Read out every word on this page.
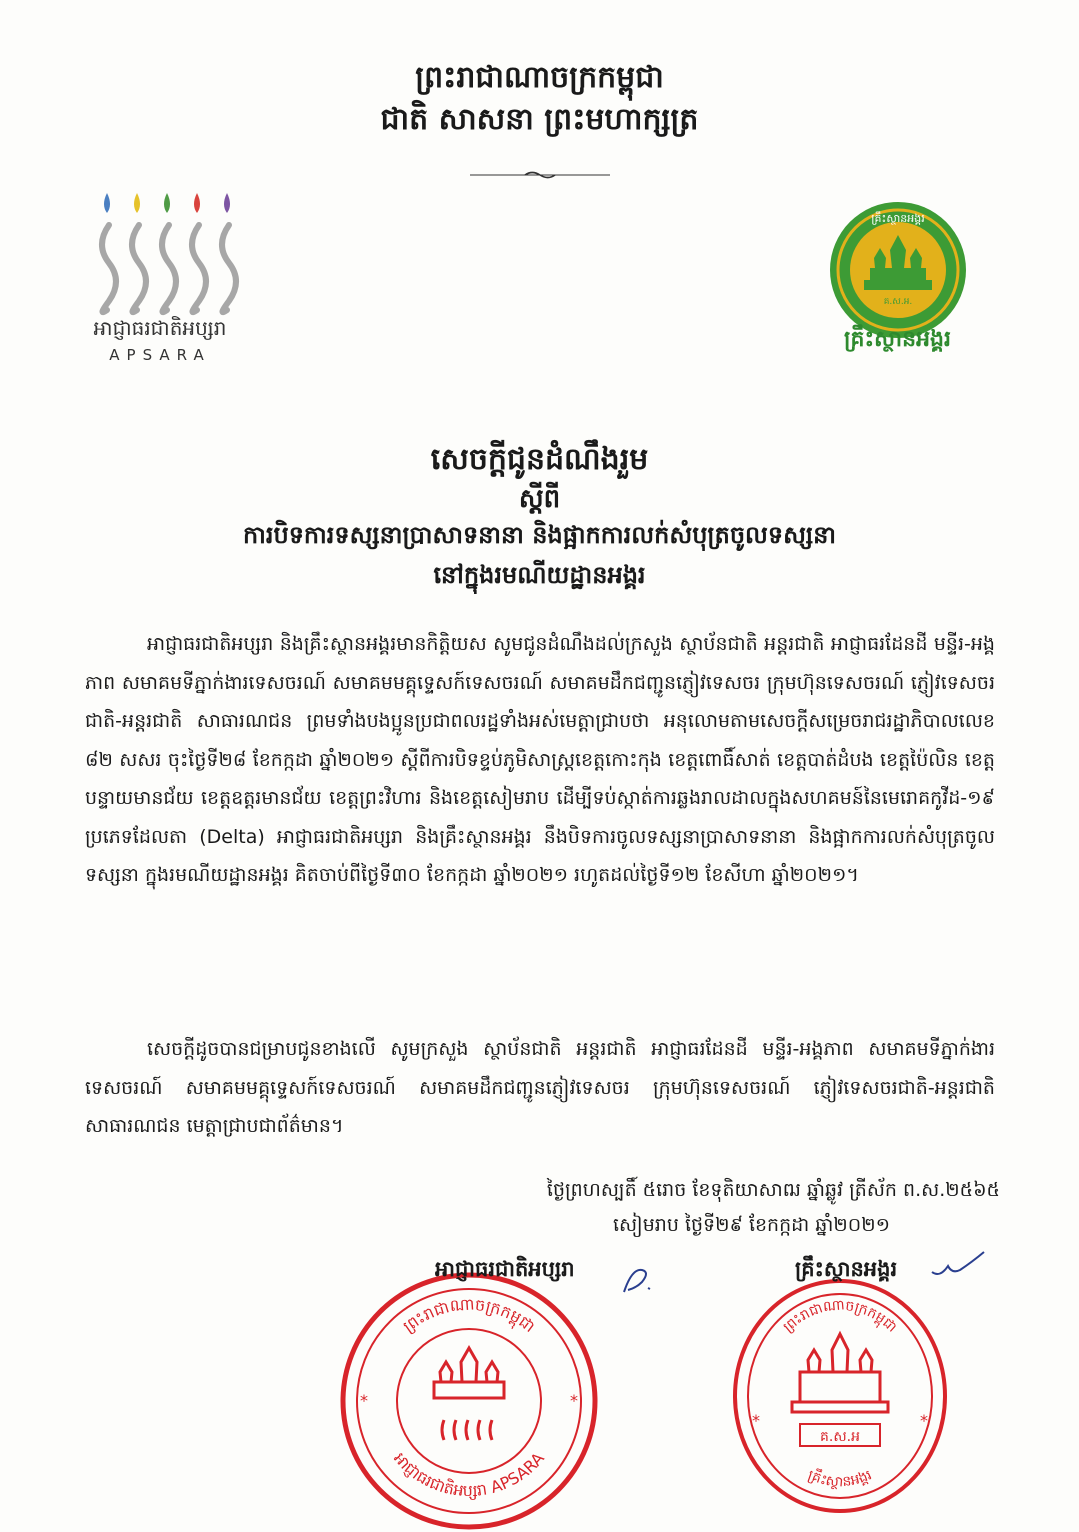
ព្រះរាជាណាចក្រកម្ពុជា
ជាតិ សាសនា ព្រះមហាក្សត្រ
អាជ្ញាធរជាតិអប្សរា
APSARA
គ្រឹះស្ថានអង្គរ
គ.ស.អ.
គ្រឹះស្ថានអង្គរ
សេចក្តីជូនដំណឹងរួម
ស្តីពី
ការបិទការទស្សនាប្រាសាទនានា និងផ្អាកការលក់សំបុត្រចូលទស្សនា
នៅក្នុងរមណីយដ្ឋានអង្គរ
អាជ្ញាធរជាតិអប្សរា និងគ្រឹះស្ថានអង្គរមានកិត្តិយស សូមជូនដំណឹងដល់ក្រសួង ស្ថាប័នជាតិ អន្តរជាតិ អាជ្ញាធរដែនដី មន្ទីរ-អង្គភាព សមាគមទីភ្នាក់ងារទេសចរណ៍ សមាគមមគ្គុទ្ទេសក៍ទេសចរណ៍ សមាគមដឹកជញ្ជូនភ្ញៀវទេសចរ ក្រុមហ៊ុនទេសចរណ៍ ភ្ញៀវទេសចរជាតិ-អន្តរជាតិ សាធារណជន ព្រមទាំងបងប្អូនប្រជាពលរដ្ឋទាំងអស់មេត្តាជ្រាបថា អនុលោមតាមសេចក្តីសម្រេចរាជរដ្ឋាភិបាលលេខ ៨២ សសរ ចុះថ្ងៃទី២៨ ខែកក្កដា ឆ្នាំ២០២១ ស្តីពីការបិទខ្ទប់ភូមិសាស្ត្រខេត្តកោះកុង ខេត្តពោធិ៍សាត់ ខេត្តបាត់ដំបង ខេត្តប៉ៃលិន ខេត្តបន្ទាយមានជ័យ ខេត្តឧត្តរមានជ័យ ខេត្តព្រះវិហារ និងខេត្តសៀមរាប ដើម្បីទប់ស្កាត់ការឆ្លងរាលដាលក្នុងសហគមន៍នៃមេរោគកូវីដ-១៩ ប្រភេទដែលតា (Delta) អាជ្ញាធរជាតិអប្សរា និងគ្រឹះស្ថានអង្គរ នឹងបិទការចូលទស្សនាប្រាសាទនានា និងផ្អាកការលក់សំបុត្រចូលទស្សនា ក្នុងរមណីយដ្ឋានអង្គរ គិតចាប់ពីថ្ងៃទី៣០ ខែកក្កដា ឆ្នាំ២០២១ រហូតដល់ថ្ងៃទី១២ ខែសីហា ឆ្នាំ២០២១។
សេចក្តីដូចបានជម្រាបជូនខាងលើ សូមក្រសួង ស្ថាប័នជាតិ អន្តរជាតិ អាជ្ញាធរដែនដី មន្ទីរ-អង្គភាព សមាគមទីភ្នាក់ងារទេសចរណ៍ សមាគមមគ្គុទ្ទេសក៍ទេសចរណ៍ សមាគមដឹកជញ្ជូនភ្ញៀវទេសចរ ក្រុមហ៊ុនទេសចរណ៍ ភ្ញៀវទេសចរជាតិ-អន្តរជាតិ សាធារណជន មេត្តាជ្រាបជាព័ត៌មាន។
ថ្ងៃព្រហស្បតិ៍ ៥រោច ខែទុតិយាសាឍ ឆ្នាំឆ្លូវ ត្រីស័ក ព.ស.២៥៦៥
សៀមរាប ថ្ងៃទី២៩ ខែកក្កដា ឆ្នាំ២០២១
ព្រះរាជាណាចក្រកម្ពុជា
អាជ្ញាធរជាតិអប្សរា APSARA
*	*
អាជ្ញាធរជាតិអប្សរា
ព្រះរាជាណាចក្រកម្ពុជា
គ្រឹះស្ថានអង្គរ
*	*
គ.ស.អ
គ្រឹះស្ថានអង្គរ
